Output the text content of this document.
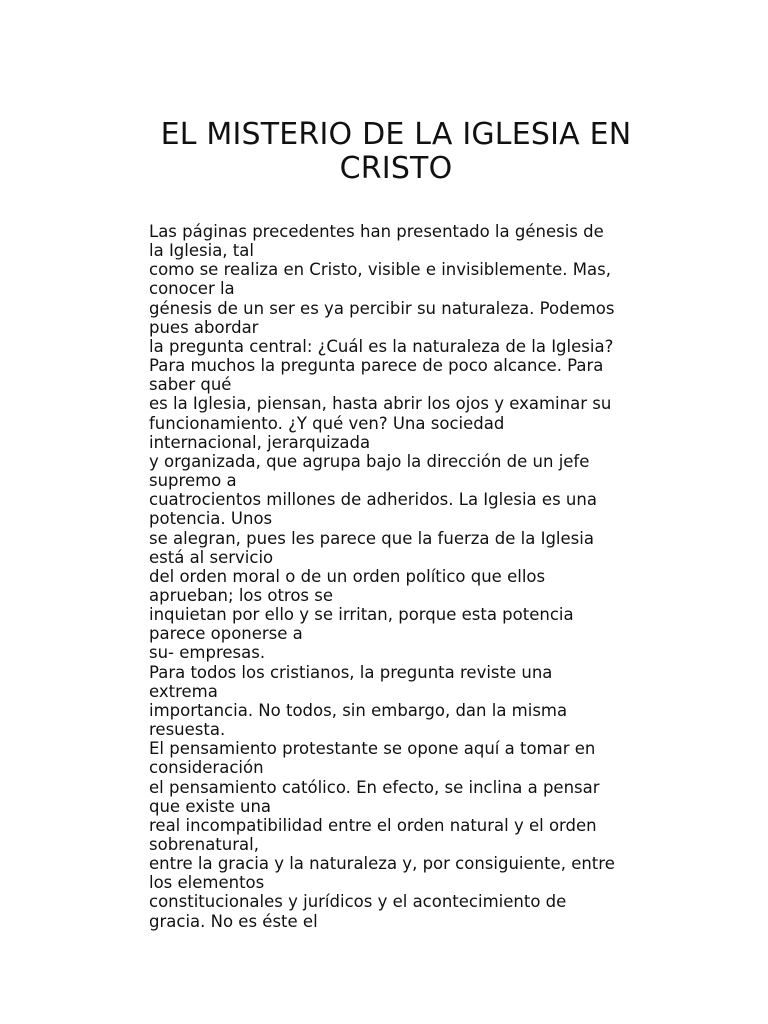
EL MISTERIO DE LA IGLESIA EN
CRISTO
Las páginas precedentes han presentado la génesis de
la Iglesia, tal
como se realiza en Cristo, visible e invisiblemente. Mas,
conocer la
génesis de un ser es ya percibir su naturaleza. Podemos
pues abordar
la pregunta central: ¿Cuál es la naturaleza de la Iglesia?
Para muchos la pregunta parece de poco alcance. Para
saber qué
es la Iglesia, piensan, hasta abrir los ojos y examinar su
funcionamiento. ¿Y qué ven? Una sociedad
internacional, jerarquizada
y organizada, que agrupa bajo la dirección de un jefe
supremo a
cuatrocientos millones de adheridos. La Iglesia es una
potencia. Unos
se alegran, pues les parece que la fuerza de la Iglesia
está al servicio
del orden moral o de un orden político que ellos
aprueban; los otros se
inquietan por ello y se irritan, porque esta potencia
parece oponerse a
su- empresas.
Para todos los cristianos, la pregunta reviste una
extrema
importancia. No todos, sin embargo, dan la misma
resuesta.
El pensamiento protestante se opone aquí a tomar en
consideración
el pensamiento católico. En efecto, se inclina a pensar
que existe una
real incompatibilidad entre el orden natural y el orden
sobrenatural,
entre la gracia y la naturaleza y, por consiguiente, entre
los elementos
constitucionales y jurídicos y el acontecimiento de
gracia. No es éste el
